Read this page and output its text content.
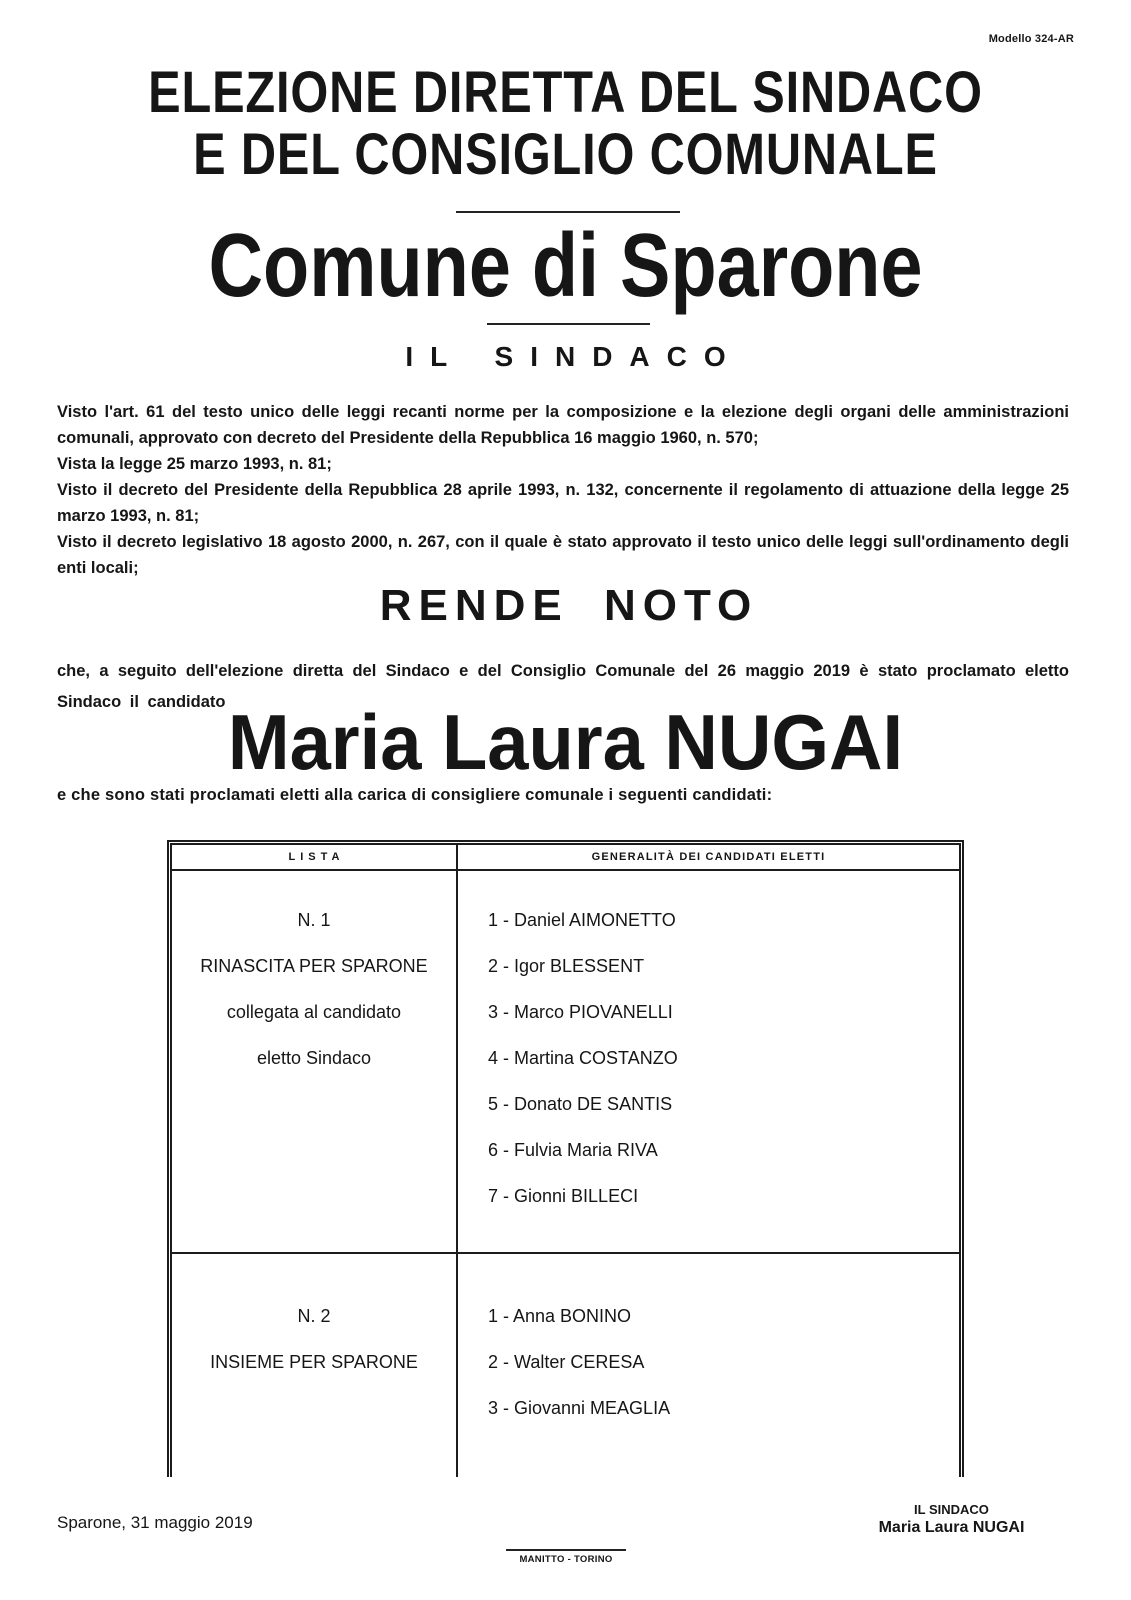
Modello 324-AR
ELEZIONE DIRETTA DEL SINDACO
E DEL CONSIGLIO COMUNALE
Comune di Sparone
IL SINDACO

Visto l'art. 61 del testo unico delle leggi recanti norme per la composizione e la elezione degli organi delle amministrazioni comunali, approvato con decreto del Presidente della Repubblica 16 maggio 1960, n. 570;

Vista la legge 25 marzo 1993, n. 81;

Visto il decreto del Presidente della Repubblica 28 aprile 1993, n. 132, concernente il regolamento di attuazione della legge 25 marzo 1993, n. 81;

Visto il decreto legislativo 18 agosto 2000, n. 267, con il quale è stato approvato il testo unico delle leggi sull'ordinamento degli enti locali;

RENDE NOTO

che, a seguito dell'elezione diretta del Sindaco e del Consiglio Comunale del 26 maggio 2019 è stato proclamato eletto Sindaco il candidato Maria Laura NUGAI

e che sono stati proclamati eletti alla carica di consigliere comunale i seguenti candidati:

LISTA	GENERALITÀ DEI CANDIDATI ELETTI
N. 1
RINASCITA PER SPARONE
collegata al candidato
eletto Sindaco
1 - Daniel AIMONETTO
2 - Igor BLESSENT
3 - Marco PIOVANELLI
4 - Martina COSTANZO
5 - Donato DE SANTIS
6 - Fulvia Maria RIVA
7 - Gionni BILLECI
N. 2
INSIEME PER SPARONE
1 - Anna BONINO
2 - Walter CERESA
3 - Giovanni MEAGLIA
Sparone, 31 maggio 2019
IL SINDACO
Maria Laura NUGAI
MANITTO - TORINO
